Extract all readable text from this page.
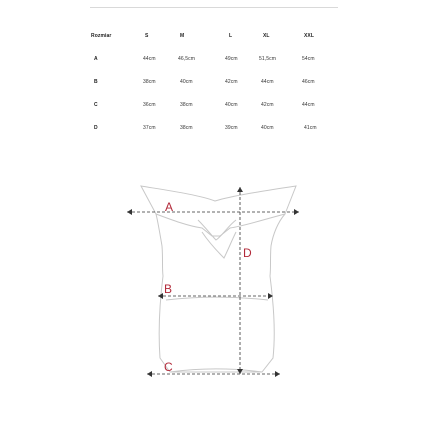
Rozmiar	S	M	L	XL	XXL
A	44cm	46,5cm	49cm	51,5cm	54cm
B	38cm	40cm	42cm	44cm	46cm
C	36cm	38cm	40cm	42cm	44cm
D	37cm	38cm	39cm	40cm	41cm
A
B
C
D
